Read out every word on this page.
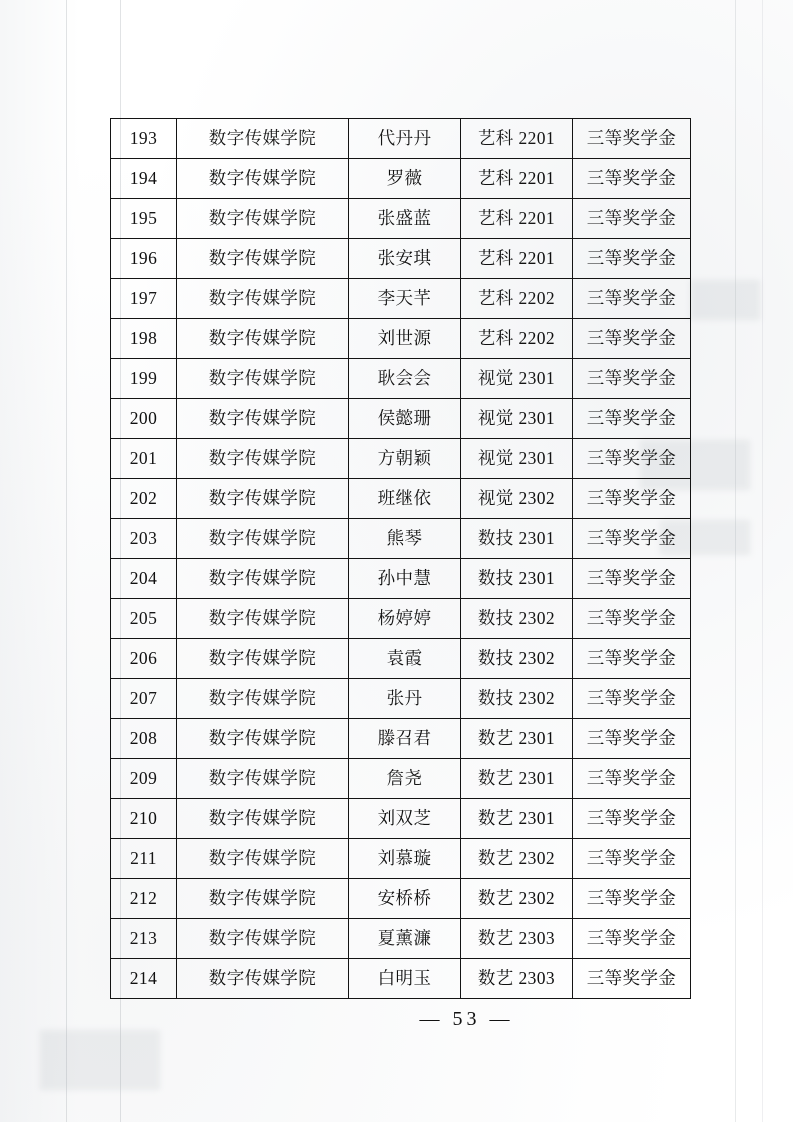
193	数字传媒学院	代丹丹	艺科 2201	三等奖学金
194	数字传媒学院	罗薇	艺科 2201	三等奖学金
195	数字传媒学院	张盛蓝	艺科 2201	三等奖学金
196	数字传媒学院	张安琪	艺科 2201	三等奖学金
197	数字传媒学院	李天芊	艺科 2202	三等奖学金
198	数字传媒学院	刘世源	艺科 2202	三等奖学金
199	数字传媒学院	耿会会	视觉 2301	三等奖学金
200	数字传媒学院	侯懿珊	视觉 2301	三等奖学金
201	数字传媒学院	方朝颖	视觉 2301	三等奖学金
202	数字传媒学院	班继依	视觉 2302	三等奖学金
203	数字传媒学院	熊琴	数技 2301	三等奖学金
204	数字传媒学院	孙中慧	数技 2301	三等奖学金
205	数字传媒学院	杨婷婷	数技 2302	三等奖学金
206	数字传媒学院	袁霞	数技 2302	三等奖学金
207	数字传媒学院	张丹	数技 2302	三等奖学金
208	数字传媒学院	滕召君	数艺 2301	三等奖学金
209	数字传媒学院	詹尧	数艺 2301	三等奖学金
210	数字传媒学院	刘双芝	数艺 2301	三等奖学金
211	数字传媒学院	刘慕璇	数艺 2302	三等奖学金
212	数字传媒学院	安桥桥	数艺 2302	三等奖学金
213	数字传媒学院	夏薰濂	数艺 2303	三等奖学金
214	数字传媒学院	白明玉	数艺 2303	三等奖学金
— 53 —
